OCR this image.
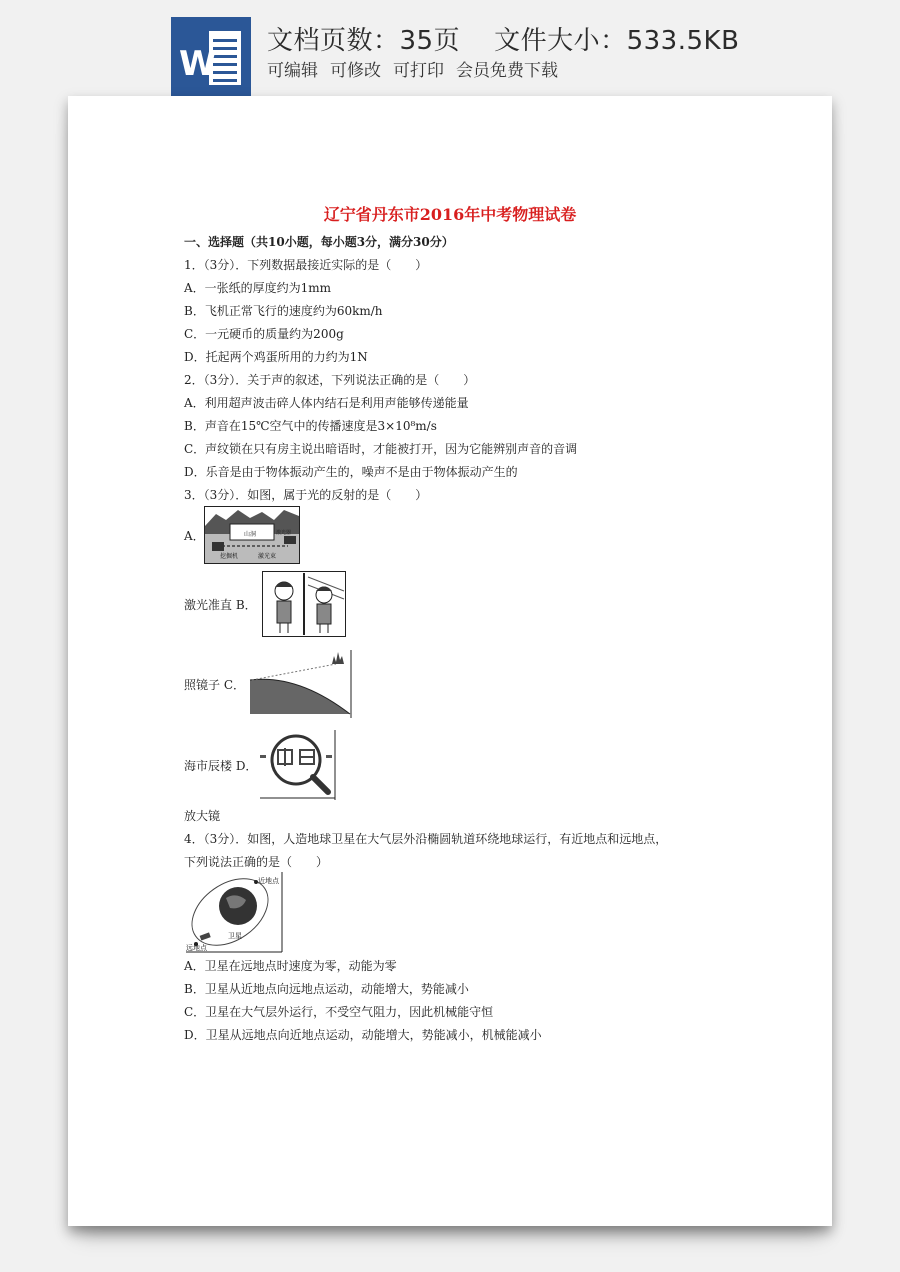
W
文档页数：35页 文件大小：533.5KB
可编辑 可修改 可打印 会员免费下载
辽宁省丹东市2016年中考物理试卷
一、选择题（共10小题，每小题3分，满分30分）
1．（3分）．下列数据最接近实际的是（　　）
A．一张纸的厚度约为1mm
B．飞机正常飞行的速度约为60km/h
C．一元硬币的质量约为200g
D．托起两个鸡蛋所用的力约为1N
2．（3分）．关于声的叙述，下列说法正确的是（　　）
A．利用超声波击碎人体内结石是利用声能够传递能量
B．声音在15℃空气中的传播速度是3×10⁸m/s
C．声纹锁在只有房主说出暗语时，才能被打开，因为它能辨别声音的音调
D．乐音是由于物体振动产生的，噪声不是由于物体振动产生的
3．（3分）．如图，属于光的反射的是（　　）
A．	山洞	激光器
挖掘机	激光束
激光准直 B．
照镜子 C．
海市辰楼 D．
放大镜
4．（3分）．如图，人造地球卫星在大气层外沿椭圆轨道环绕地球运行，有近地点和远地点，
下列说法正确的是（　　）
近地点
卫星
远地点
A．卫星在远地点时速度为零，动能为零
B．卫星从近地点向远地点运动，动能增大，势能减小
C．卫星在大气层外运行，不受空气阻力，因此机械能守恒
D．卫星从远地点向近地点运动，动能增大，势能减小，机械能减小
